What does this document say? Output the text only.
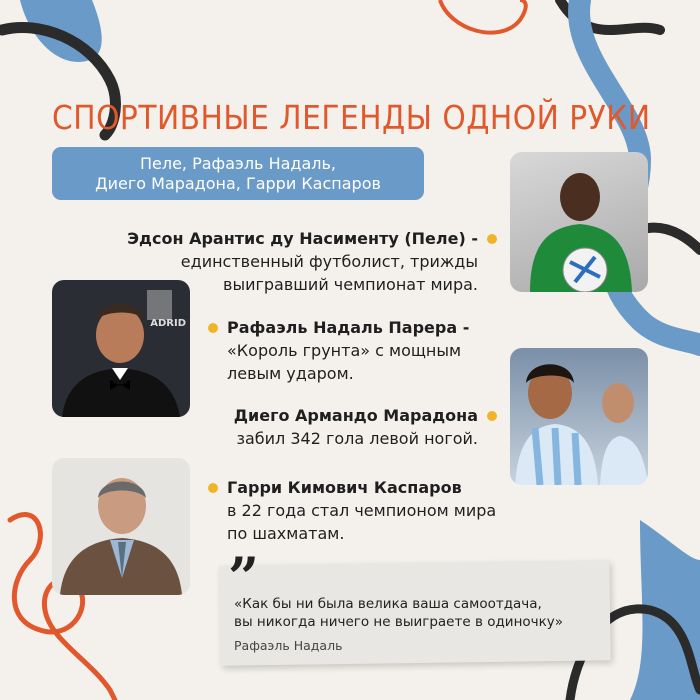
СПОРТИВНЫЕ ЛЕГЕНДЫ ОДНОЙ РУКИ
Пеле, Рафаэль Надаль,
Диего Марадона, Гарри Каспаров
ADRID
Эдсон Арантис ду Насименту (Пеле) -
единственный футболист, трижды
выигравший чемпионат мира.
Рафаэль Надаль Парера -
«Король грунта» с мощным
левым ударом.
Диего Армандо Марадона
забил 342 гола левой ногой.
Гарри Кимович Каспаров
в 22 года стал чемпионом мира
по шахматам.
”
«Как бы ни была велика ваша самоотдача,
вы никогда ничего не выиграете в одиночку»
Рафаэль Надаль
